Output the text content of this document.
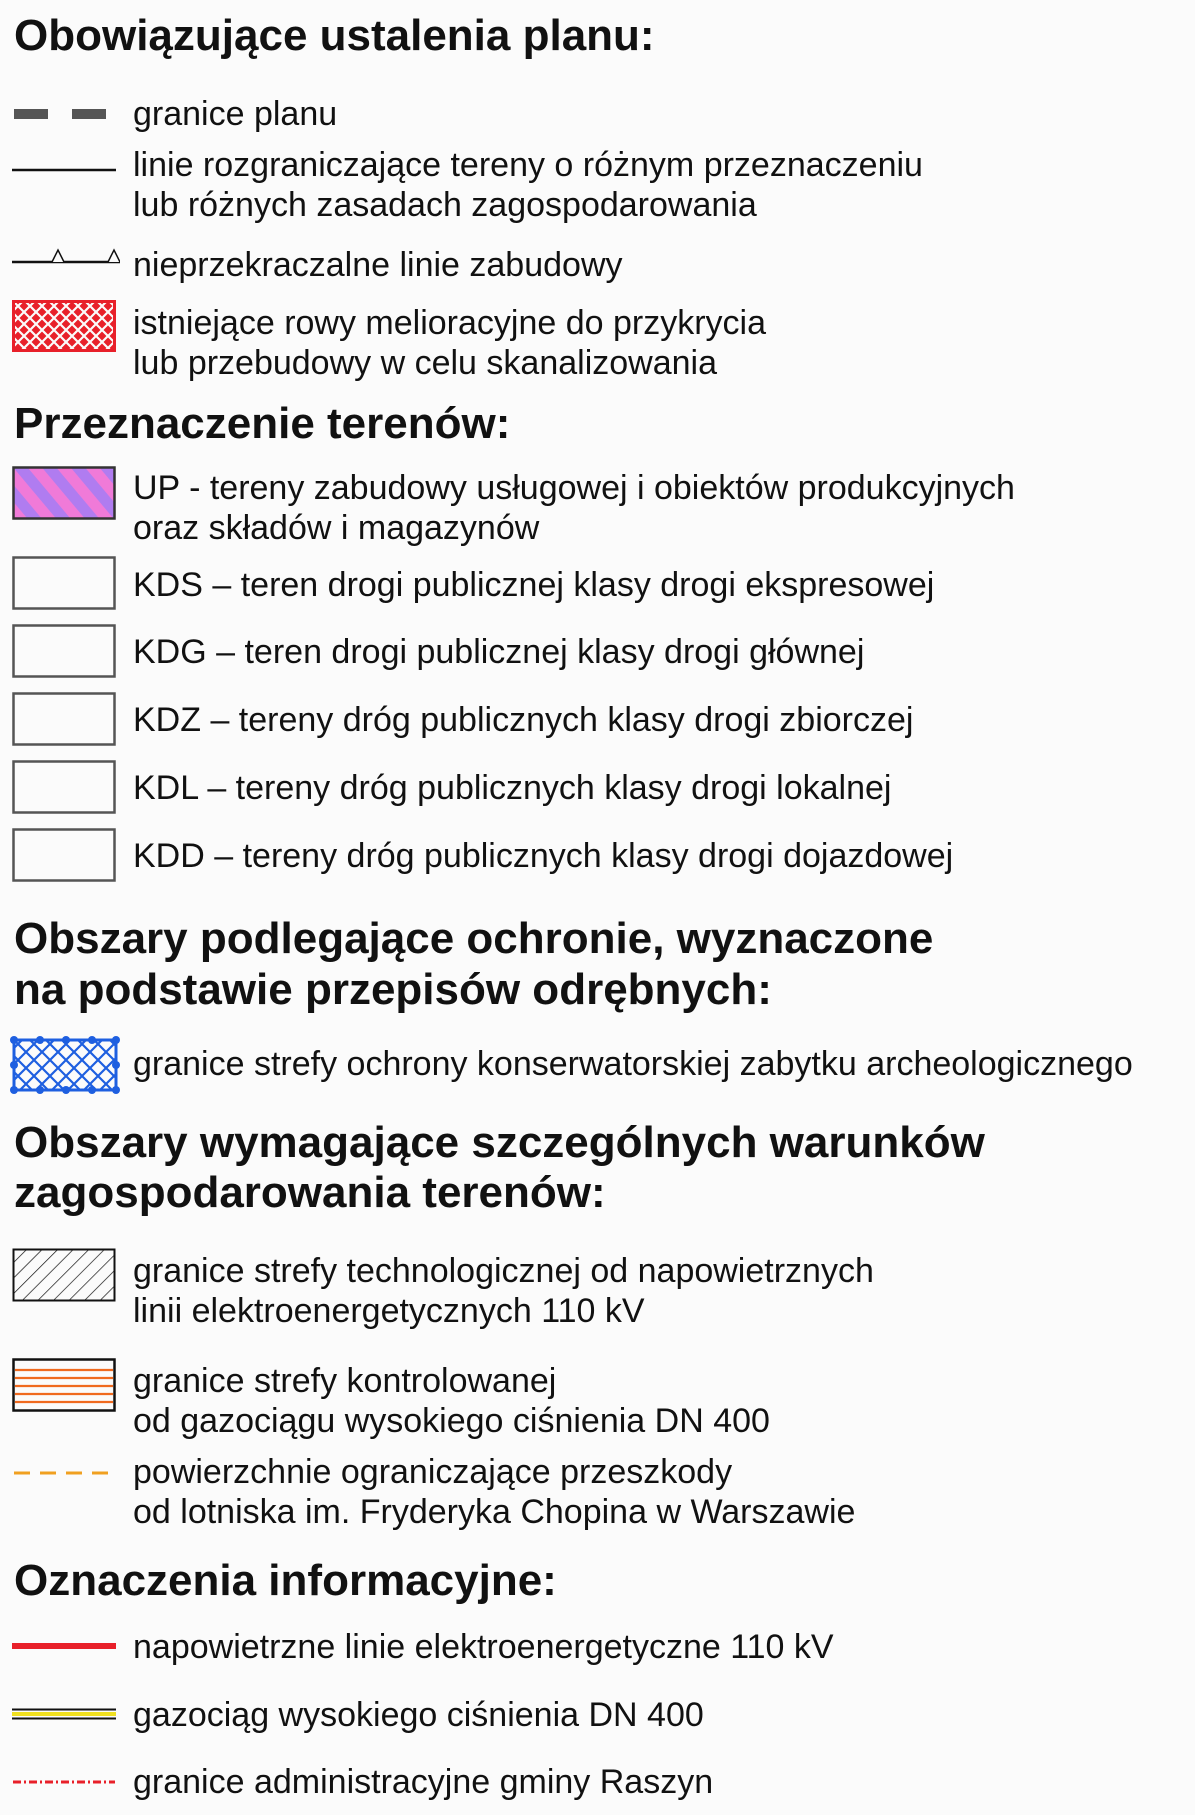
Obowiązujące ustalenia planu:
granice planu
linie rozgraniczające tereny o różnym przeznaczeniu
lub różnych zasadach zagospodarowania
nieprzekraczalne linie zabudowy
istniejące rowy melioracyjne do przykrycia
lub przebudowy w celu skanalizowania
Przeznaczenie terenów:
UP - tereny zabudowy usługowej i obiektów produkcyjnych
oraz składów i magazynów
KDS – teren drogi publicznej klasy drogi ekspresowej
KDG – teren drogi publicznej klasy drogi głównej
KDZ – tereny dróg publicznych klasy drogi zbiorczej
KDL – tereny dróg publicznych klasy drogi lokalnej
KDD – tereny dróg publicznych klasy drogi dojazdowej
Obszary podlegające ochronie, wyznaczone
na podstawie przepisów odrębnych:
granice strefy ochrony konserwatorskiej zabytku archeologicznego
Obszary wymagające szczególnych warunków
zagospodarowania terenów:
granice strefy technologicznej od napowietrznych
linii elektroenergetycznych 110 kV
granice strefy kontrolowanej
od gazociągu wysokiego ciśnienia DN 400
powierzchnie ograniczające przeszkody
od lotniska im. Fryderyka Chopina w Warszawie
Oznaczenia informacyjne:
napowietrzne linie elektroenergetyczne 110 kV
gazociąg wysokiego ciśnienia DN 400
granice administracyjne gminy Raszyn
